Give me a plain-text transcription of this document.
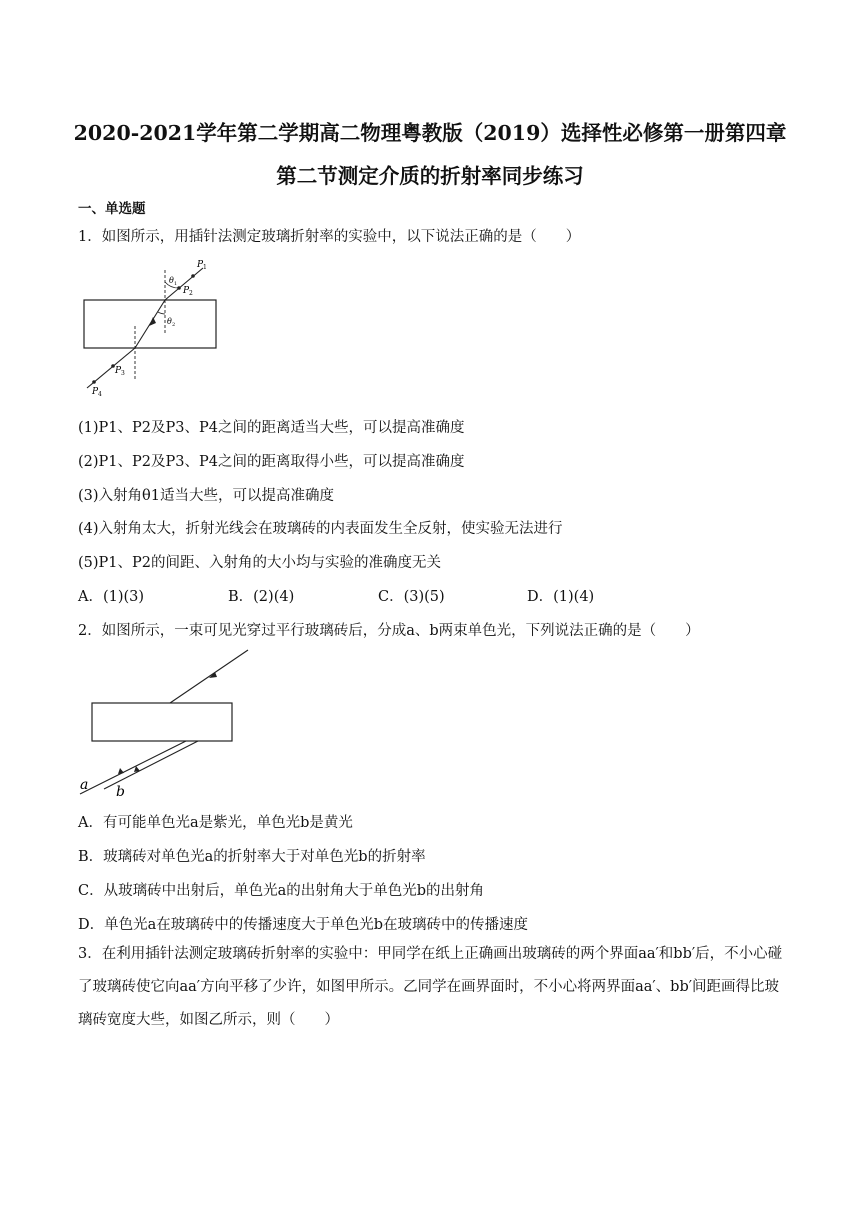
2020-2021学年第二学期高二物理粤教版（2019）选择性必修第一册第四章
第二节测定介质的折射率同步练习
一、单选题
1．如图所示，用插针法测定玻璃折射率的实验中，以下说法正确的是（　　）
P 1
P 2
P 3
P 4
θ 1
θ 2
(1)P1、P2及P3、P4之间的距离适当大些，可以提高准确度
(2)P1、P2及P3、P4之间的距离取得小些，可以提高准确度
(3)入射角θ1适当大些，可以提高准确度
(4)入射角太大，折射光线会在玻璃砖的内表面发生全反射，使实验无法进行
(5)P1、P2的间距、入射角的大小均与实验的准确度无关
A．(1)(3)	B．(2)(4)	C．(3)(5)	D．(1)(4)
2．如图所示，一束可见光穿过平行玻璃砖后，分成a、b两束单色光，下列说法正确的是（　　）
a b
A．有可能单色光a是紫光，单色光b是黄光
B．玻璃砖对单色光a的折射率大于对单色光b的折射率
C．从玻璃砖中出射后，单色光a的出射角大于单色光b的出射角
D．单色光a在玻璃砖中的传播速度大于单色光b在玻璃砖中的传播速度
3．在利用插针法测定玻璃砖折射率的实验中：甲同学在纸上正确画出玻璃砖的两个界面aa′和bb′后，不小心碰了玻璃砖使它向aa′方向平移了少许，如图甲所示。乙同学在画界面时，不小心将两界面aa′、bb′间距画得比玻璃砖宽度大些，如图乙所示，则（　　）
